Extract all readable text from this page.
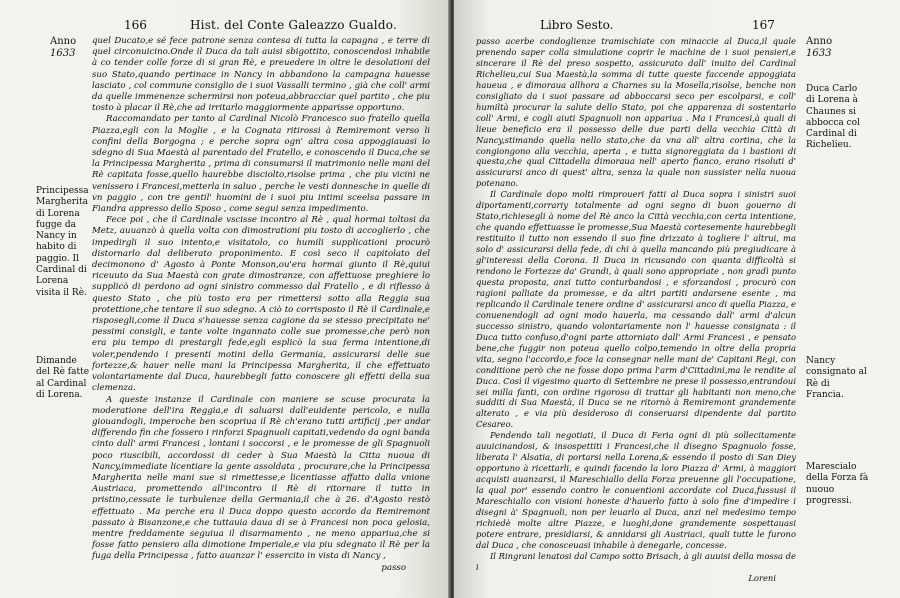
166	Hist. del Conte Galeazzo Gualdo.
Anno
1633

quel Ducato,e sé fece patrone senza contesa di tutta la capagna , e terre di quel circonuicino.Onde il Duca da tali auisi sbigottito, conoscendosi inhabile à co tender colle forze di si gran Rè, e preuedere in oltre le desolationi del suo Stato,quando pertinace in Nancy in abbandono la campagna hauesse lasciato , col commune consiglio de i suoi Vassalli termino , già che coll' armi da quelle immenenze schermirsi non poteua,abbracciar quel partito , che piu tosto à placar il Rè,che ad irritarlo maggiormente apparisse opportuno.

Raccomandato per tanto al Cardinal Nicolò Francesco suo fratello quella Piazza,egli con la Moglie , e la Cognata ritirossi à Remiremont verso li confini della Borgogna ; e perche sopra ogn' altra cosa appoggiauasi lo sdegno di Sua Maestà al parentado del Fratello, e conoscendo il Duca,che se la Principessa Margherita , prima di consumarsi il matrimonio nelle mani del Rè capitata fosse,quello haurebbe disciolto,risolse prima , che piu vicini ne venissero i Francesi,metterla in saluo , perche le vesti donnesche in quelle di vn paggio , con tre gentil' huomini de i suoi piu intimi sceelsa passare in Fiandra appresso dello Sposo , come segui senza impedimento.

Fece poi , che il Cardinale vscisse incontro al Rè , qual hormai toltosi da Metz, auuanzò à quella volta con dimostrationi piu tosto di accoglierlo , che impedirgli il suo intento,e visitatolo, co humili supplicationi procurò distornarlo dal deliberato proponimento. E così seco il capitolato del decimonono d' Agosto à Ponte Monson,ou'era hormai giunto il Rè,quiui riceuuto da Sua Maestà con grate dimostranze, con affettuose preghiere lo supplicò di perdono ad ogni sinistro commesso dal Fratello , e di riflesso à questo Stato , che più tosto era per rimettersi sotto alla Reggia sua protettione,che tentare il suo sdegno. A ciò to corrisposto il Rè il Cardinale,e risposegli,come il Duca s'hauesse senza cagione da se stesso precipitato ne' pessimi consigli, e tante volte ingannato colle sue promesse,che però non era piu tempo di prestargli fede,egli esplicò la sua ferma intentione,di voler,pendendo i presenti motini della Germania, assicurarsi delle sue fortezze,& hauer nelle mani la Principessa Margherita, il che effettuato volontariamente dal Duca, haurebbegli fatto conoscere gli effetti della sua clemenza.

A queste instanze il Cardinale con maniere se scuse procurata la moderatione dell'ira Reggia,e di saluarsi dall'euidente pericolo, e nulla giouandogli, imperoche ben scopriua il Rè ch'erano tutti artificij ,per andar differendo fin che fossero i rinforzi Spagnuoli capitati,vedendo da ogni banda cinto dall' armi Francesi , lontani i soccorsi , e le promesse de gli Spagnuoli poco riuscibili, accordossi di ceder à Sua Maestà la Citta nuoua di Nancy,immediate licentiare la gente assoldata , procurare,che la Principessa Margherita nelle mani sue si rimettesse,e licentiasse affatto dalla vnione Austriaca, promettendo all'incontro il Rè di ritornare il tutto in pristino,cessate le turbulenze della Germania,il che à 26. d'Agosto restò effettuato . Ma perche era il Duca doppo questo accordo da Remiremont passato à Bisanzone,e che tuttauia daua di se à Francesi non poca gelosia, mentre freddamente seguiua il disarmamento , ne meno appariua,che si fosse fatto pensiero alla dimotione Imperiale,e via piu sdegnato il Rè per la fuga della Principessa , fatto auanzar l' essercito in vista di Nancy ,

passo

Principessa Margherita di Lorena fugge da Nancy in habito di paggio. Il Cardinal di Lorena visita il Rè.
Dimande del Rè fatte al Cardinal di Lorena.
Libro Sesto.	167
Anno
1633

passo acerbe condoglienze tramischiate con minaccie al Duca,il quale prenendo saper colla simulatione coprir le machine de i suoi pensieri,e sincerare il Rè del preso sospetto, assicurato dall' inuito del Cardinal Richelieu,cui Sua Maestà,la somma di tutte queste faccende appoggiata haueua , e dimoraua allhora a Charnes su la Mosella,risolse, benche non consigliato da i suoi passare ad abboccarsi seco per escolparsi, e coll' humiltà procurar la salute dello Stato, poi che apparenza di sostentarlo coll' Armi, e cogli aiuti Spagnuoli non appariua . Ma i Francesi,à quali di lieue beneficio era il possesso delle due parti della vecchia Città di Nancy,stimando quella nello stato,che da vna all' altra cortina, che la congiongono alla vecchia, aperta , e tutta signoreggiata da i bastioni di questa,che qual Cittadella dimoraua nell' aperto fianco, erano risoluti d' assicurarsi anco di quest' altra, senza la quale non sussister nella nuoua potenano.

Il Cardinale dopo molti rimproueri fatti al Duca sopra i sinistri suoi diportamenti,corrariy totalmente ad ogni segno di buon gouerno di Stato,richiesegli à nome del Rè anco la Città vecchia,con certa intentione, che quando effettuasse le promesse,Sua Maestà cortesemente haurebbegli restituito il tutto non essendo il suo fine drizzato à togliere l' altrui, ma solo d' assicurarsi della fede, di chi à quella mancando più pregiudicare à gl'interessi della Corona. Il Duca in ricusando con quanta difficoltà si rendono le Fortezze da' Grandi, à quali sono appropriate , non gradì punto questa proposta, anzi tutto conturbandosi , e sforzandosi , procurò con ragioni palliate da promesse, e da altri partiti andarsene esente , ma replicando il Cardinale tenere ordine d' assicurarsi anco di quella Piazza, e conuenendogli ad ogni modo hauerla, ma cessando dall' armi d'alcun successo sinistro, quando volontariamente non l' hauesse consignata : il Duca tutto confuso,d'ogni parte attorniato dall' Armi Francesi , e pensato bene,che fuggir non poteua quello colpo,temendo in oltre della propria vita, segno l'accordo,e foce la consegnar nelle mani de' Capitani Regi, con conditione però che ne fosse dopo prima l'arm d'Cittadini,ma le rendite al Duca. Così il vigesimo quarto di Settembre ne prese il possesso,entrandoui sei milla fanti, con ordine rigoroso di trattar gli habitanti non meno,che sudditi di Sua Maestà, il Duca se ne ritornò à Remiremont grandemente alterato , e via più desideroso di conseruarsi dipendente dal partito Cesareo.

Pendendo tali negotiati, il Duca di Feria ogni di più sollecitamente auuicinandosi, & insospettiti i Francesi,che il disegno Spagnuolo fosse, liberata l' Alsatia, di portarsi nella Lorena,& essendo il posto di San Diey opportuno à ricettarli, e quindi facendo la loro Piazza d' Armi, à maggiori acquisti auanzarsi, il Mareschiallo della Forza preuenne gli l'occupatione, la qual por' essendo contro le conuentioni accordate col Duca,fussusi il Mareschiallo con visioni honeste d'hauerlo fatto à solo fine d'impedire i disegni à' Spagnuoli, non per leuarlo al Duca, anzi nel medesimo tempo richiedè molte altre Piazze, e luoghi,done grandemente sospettauasi potere entrare, presidiarsi, & annidarsi gli Austriaci, quali tutte le furono dal Duca , che conosceuasi inhabile à denegarle, concesse.

Il Ringrani lenatosi dal Campo sotto Brisach, à gli auuisi della mossa de i

Loreni

Duca Carlo di Lorena à Chaunes si abbocca col Cardinal di Richelieu.
Nancy consignato al Rè di Francia.
Marescialo della Forza fà nuouo progressi.
